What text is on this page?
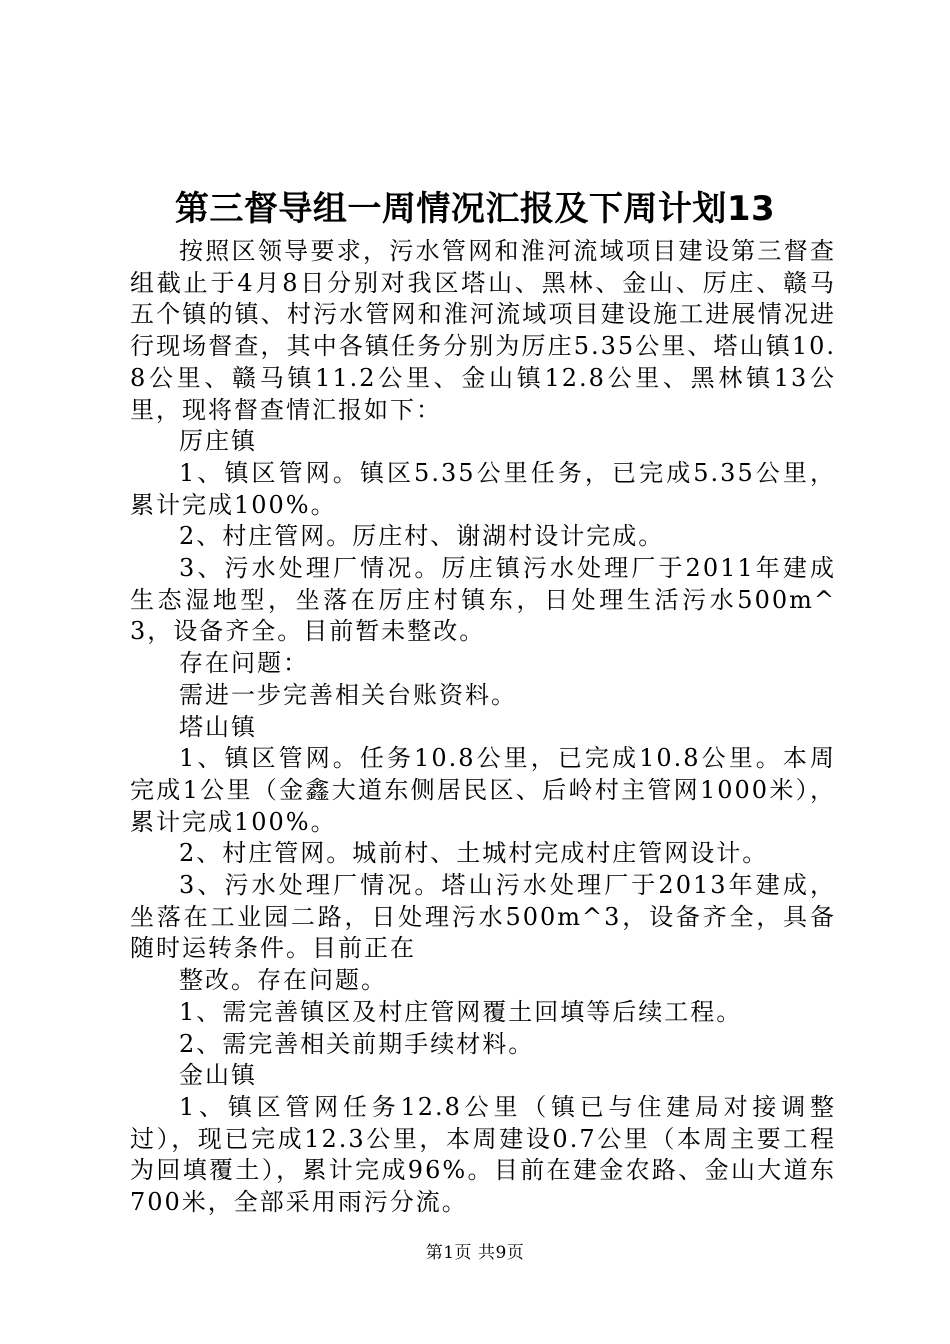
第三督导组一周情况汇报及下周计划13

按照区领导要求，污水管网和淮河流域项目建设第三督查组截止于4月8日分别对我区塔山、黑林、金山、厉庄、赣马五个镇的镇、村污水管网和淮河流域项目建设施工进展情况进行现场督查，其中各镇任务分别为厉庄5.35公里、塔山镇10.8公里、赣马镇11.2公里、金山镇12.8公里、黑林镇13公里，现将督查情汇报如下：

厉庄镇

1、镇区管网。镇区5.35公里任务，已完成5.35公里，累计完成100%。

2、村庄管网。厉庄村、谢湖村设计完成。

3、污水处理厂情况。厉庄镇污水处理厂于2011年建成生态湿地型，坐落在厉庄村镇东，日处理生活污水500m^3，设备齐全。目前暂未整改。

存在问题：

需进一步完善相关台账资料。

塔山镇

1、镇区管网。任务10.8公里，已完成10.8公里。本周完成1公里（金鑫大道东侧居民区、后岭村主管网1000米），累计完成100%。

2、村庄管网。城前村、土城村完成村庄管网设计。

3、污水处理厂情况。塔山污水处理厂于2013年建成，坐落在工业园二路，日处理污水500m^3，设备齐全，具备随时运转条件。目前正在

整改。存在问题。

1、需完善镇区及村庄管网覆土回填等后续工程。

2、需完善相关前期手续材料。

金山镇

1、镇区管网任务12.8公里（镇已与住建局对接调整过），现已完成12.3公里，本周建设0.7公里（本周主要工程为回填覆土），累计完成96%。目前在建金农路、金山大道东700米，全部采用雨污分流。

第1页 共9页
